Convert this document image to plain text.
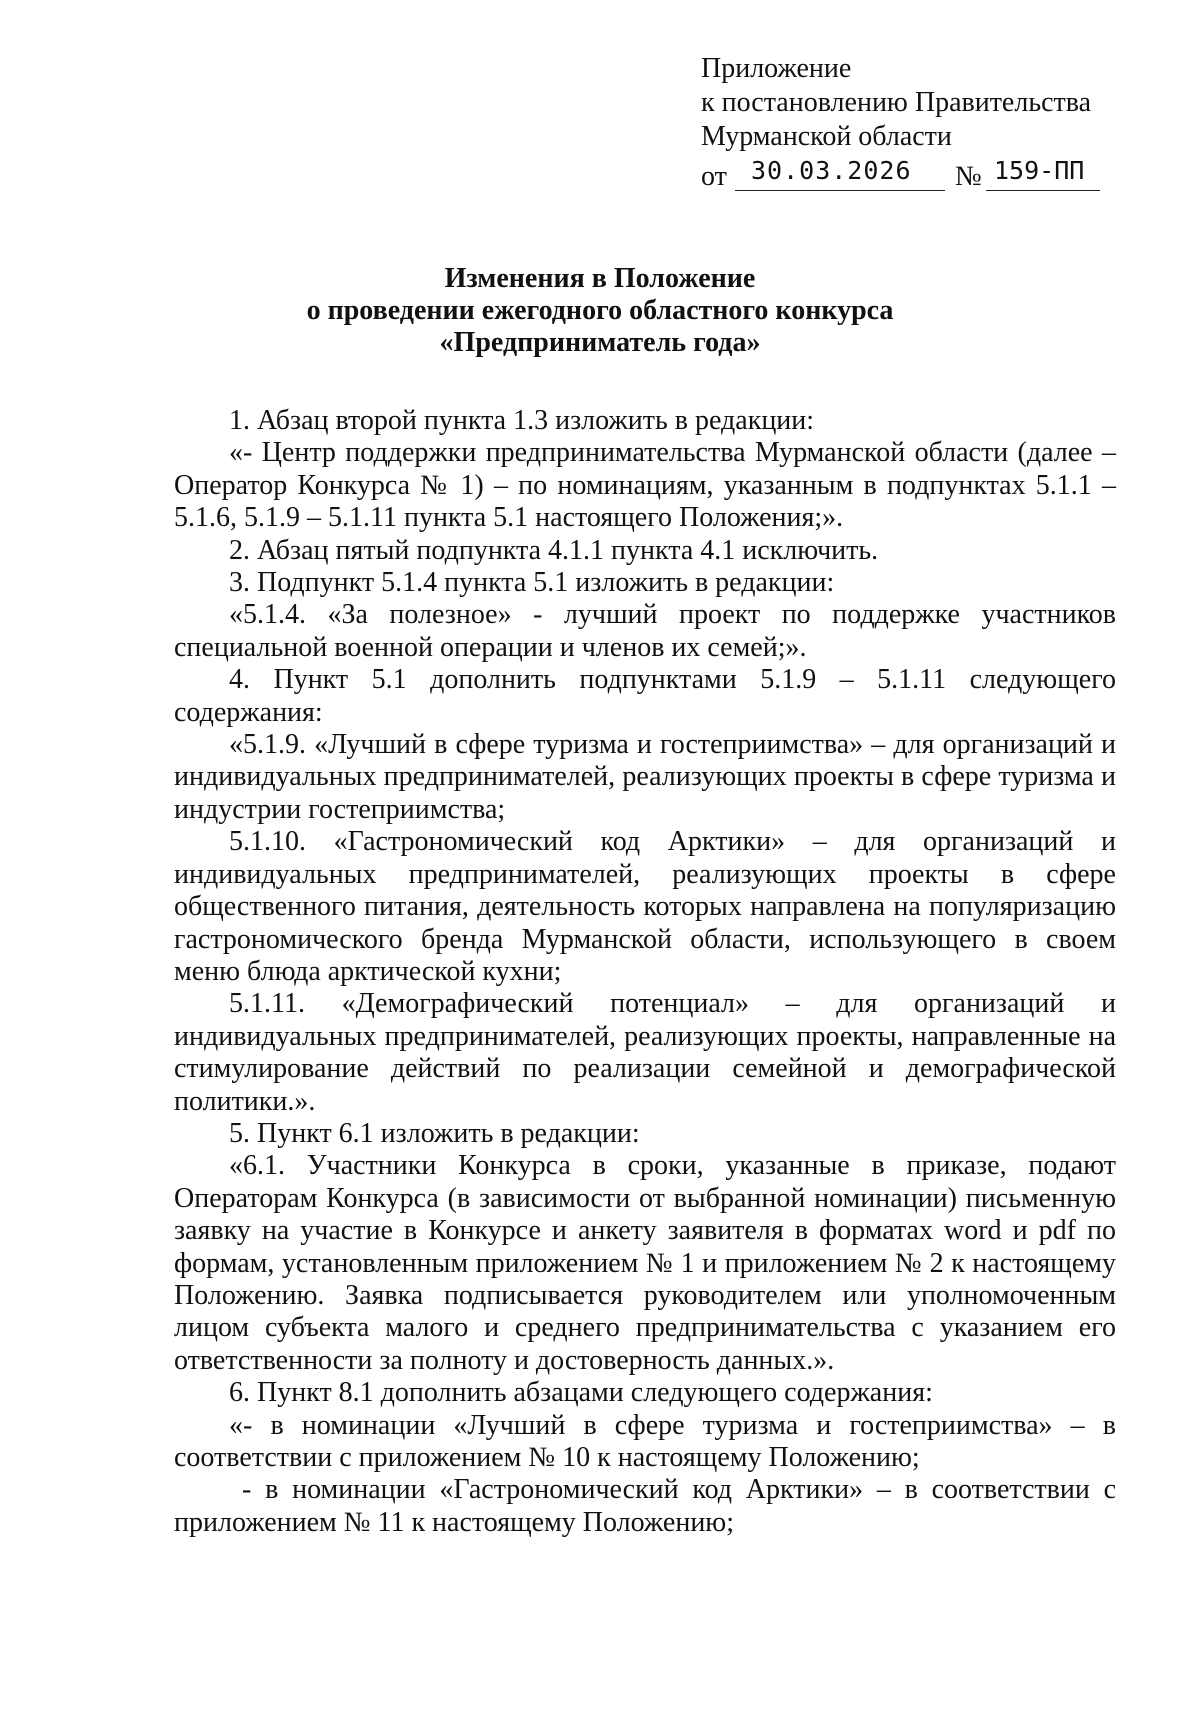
Приложение
к постановлению Правительства
Мурманской области
от 30.03.2026 № 159-ПП
Изменения в Положение
о проведении ежегодного областного конкурса
«Предприниматель года»

1. Абзац второй пункта 1.3 изложить в редакции:

«- Центр поддержки предпринимательства Мурманской области (далее – Оператор Конкурса № 1) – по номинациям, указанным в подпунктах 5.1.1 – 5.1.6, 5.1.9 – 5.1.11 пункта 5.1 настоящего Положения;».

2. Абзац пятый подпункта 4.1.1 пункта 4.1 исключить.

3. Подпункт 5.1.4 пункта 5.1 изложить в редакции:

«5.1.4. «За полезное» - лучший проект по поддержке участников специальной военной операции и членов их семей;».

4. Пункт 5.1 дополнить подпунктами 5.1.9 – 5.1.11 следующего содержания:

«5.1.9. «Лучший в сфере туризма и гостеприимства» – для организаций и индивидуальных предпринимателей, реализующих проекты в сфере туризма и индустрии гостеприимства;

5.1.10. «Гастрономический код Арктики» – для организаций и индивидуальных предпринимателей, реализующих проекты в сфере общественного питания, деятельность которых направлена на популяризацию гастрономического бренда Мурманской области, использующего в своем меню блюда арктической кухни;

5.1.11. «Демографический потенциал» – для организаций и индивидуальных предпринимателей, реализующих проекты, направленные на стимулирование действий по реализации семейной и демографической политики.».

5. Пункт 6.1 изложить в редакции:

«6.1. Участники Конкурса в сроки, указанные в приказе, подают Операторам Конкурса (в зависимости от выбранной номинации) письменную заявку на участие в Конкурсе и анкету заявителя в форматах word и pdf по формам, установленным приложением № 1 и приложением № 2 к настоящему Положению. Заявка подписывается руководителем или уполномоченным лицом субъекта малого и среднего предпринимательства с указанием его ответственности за полноту и достоверность данных.».

6. Пункт 8.1 дополнить абзацами следующего содержания:

«- в номинации «Лучший в сфере туризма и гостеприимства» – в соответствии с приложением № 10 к настоящему Положению;

- в номинации «Гастрономический код Арктики» – в соответствии с приложением № 11 к настоящему Положению;
